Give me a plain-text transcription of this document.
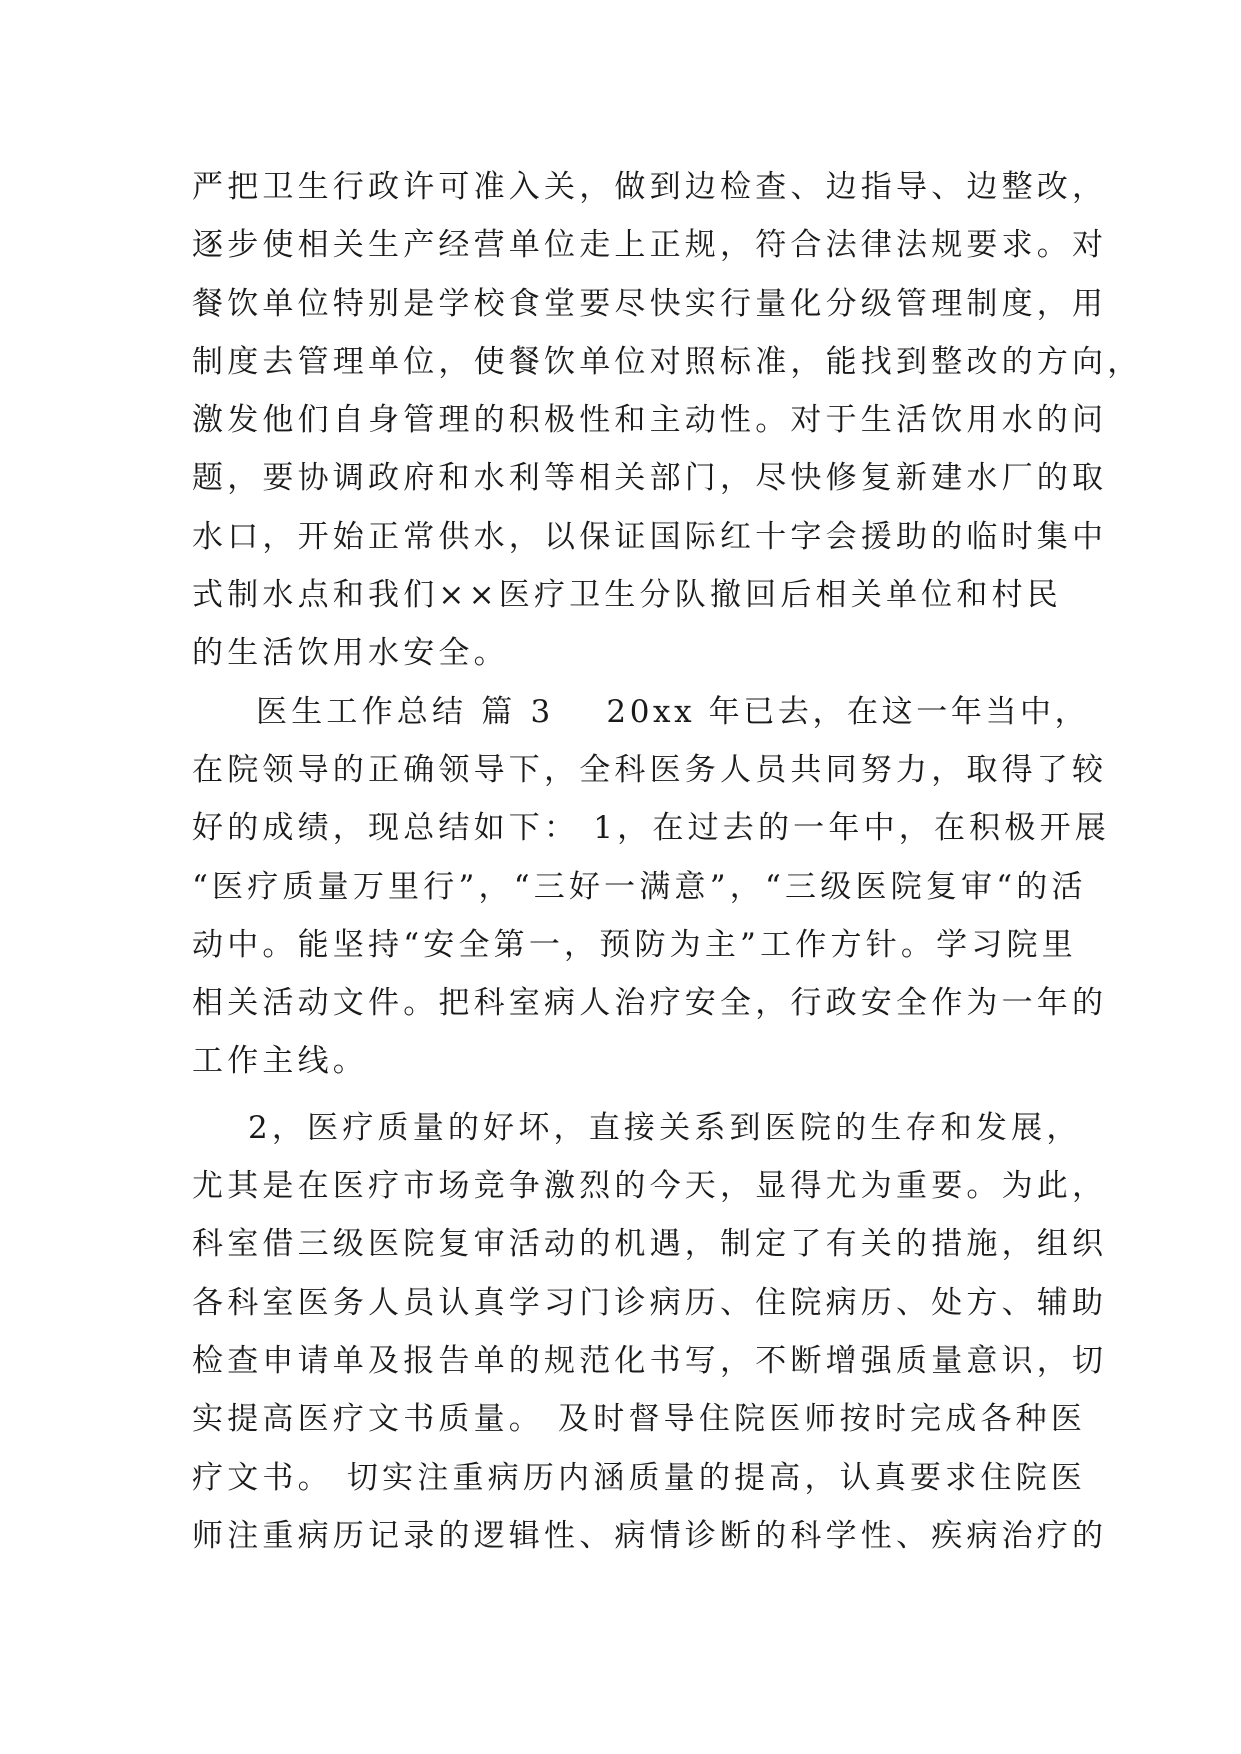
严把卫生行政许可准入关，做到边检查、边指导、边整改，
逐步使相关生产经营单位走上正规，符合法律法规要求。对
餐饮单位特别是学校食堂要尽快实行量化分级管理制度，用
制度去管理单位，使餐饮单位对照标准，能找到整改的方向，
激发他们自身管理的积极性和主动性。对于生活饮用水的问
题，要协调政府和水利等相关部门，尽快修复新建水厂的取
水口，开始正常供水，以保证国际红十字会援助的临时集中
式制水点和我们××医疗卫生分队撤回后相关单位和村民
的生活饮用水安全。
医生工作总结 篇 3 20xx 年已去，在这一年当中，
在院领导的正确领导下，全科医务人员共同努力，取得了较
好的成绩，现总结如下： 1，在过去的一年中，在积极开展
“医疗质量万里行”，“三好一满意”，“三级医院复审“的活
动中。能坚持“安全第一，预防为主”工作方针。学习院里
相关活动文件。把科室病人治疗安全，行政安全作为一年的
工作主线。
2，医疗质量的好坏，直接关系到医院的生存和发展，
尤其是在医疗市场竞争激烈的今天，显得尤为重要。为此，
科室借三级医院复审活动的机遇，制定了有关的措施，组织
各科室医务人员认真学习门诊病历、住院病历、处方、辅助
检查申请单及报告单的规范化书写，不断增强质量意识，切
实提高医疗文书质量。 及时督导住院医师按时完成各种医
疗文书。 切实注重病历内涵质量的提高，认真要求住院医
师注重病历记录的逻辑性、病情诊断的科学性、疾病治疗的
